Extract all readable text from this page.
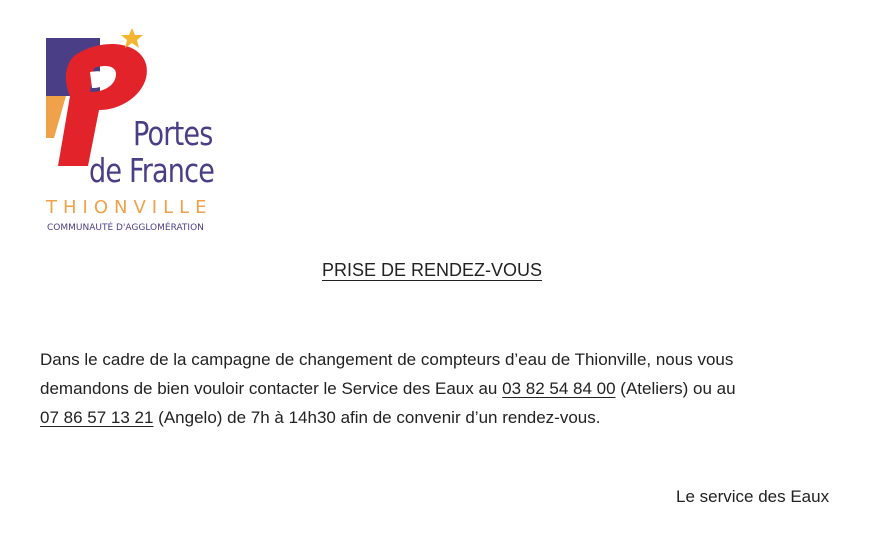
Portes
de France
THIONVILLE
COMMUNAUTÉ D'AGGLOMÉRATION
PRISE DE RENDEZ-VOUS
Dans le cadre de la campagne de changement de compteurs d’eau de Thionville, nous vous
demandons de bien vouloir contacter le Service des Eaux au 03 82 54 84 00 (Ateliers) ou au
07 86 57 13 21 (Angelo) de 7h à 14h30 afin de convenir d’un rendez-vous.
Le service des Eaux
